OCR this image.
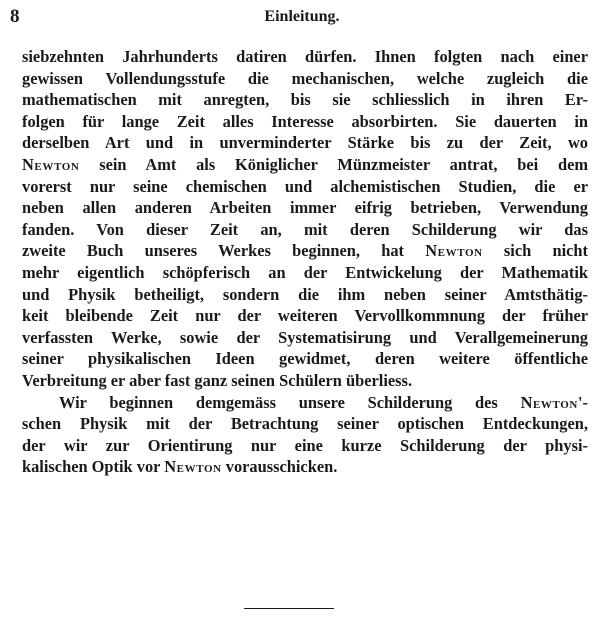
8	Einleitung.
siebzehnten Jahrhunderts datiren dürfen. Ihnen folgten nach einer
gewissen Vollendungsstufe die mechanischen, welche zugleich die
mathematischen mit anregten, bis sie schliesslich in ihren Er-
folgen für lange Zeit alles Interesse absorbirten. Sie dauerten in
derselben Art und in unverminderter Stärke bis zu der Zeit, wo
Newton sein Amt als Königlicher Münzmeister antrat, bei dem
vorerst nur seine chemischen und alchemistischen Studien, die er
neben allen anderen Arbeiten immer eifrig betrieben, Verwendung
fanden. Von dieser Zeit an, mit deren Schilderung wir das
zweite Buch unseres Werkes beginnen, hat Newton sich nicht
mehr eigentlich schöpferisch an der Entwickelung der Mathematik
und Physik betheiligt, sondern die ihm neben seiner Amtsthätig-
keit bleibende Zeit nur der weiteren Vervollkommnung der früher
verfassten Werke, sowie der Systematisirung und Verallgemeinerung
seiner physikalischen Ideen gewidmet, deren weitere öffentliche
Verbreitung er aber fast ganz seinen Schülern überliess.
Wir beginnen demgemäss unsere Schilderung des Newton'-
schen Physik mit der Betrachtung seiner optischen Entdeckungen,
der wir zur Orientirung nur eine kurze Schilderung der physi-
kalischen Optik vor Newton vorausschicken.
